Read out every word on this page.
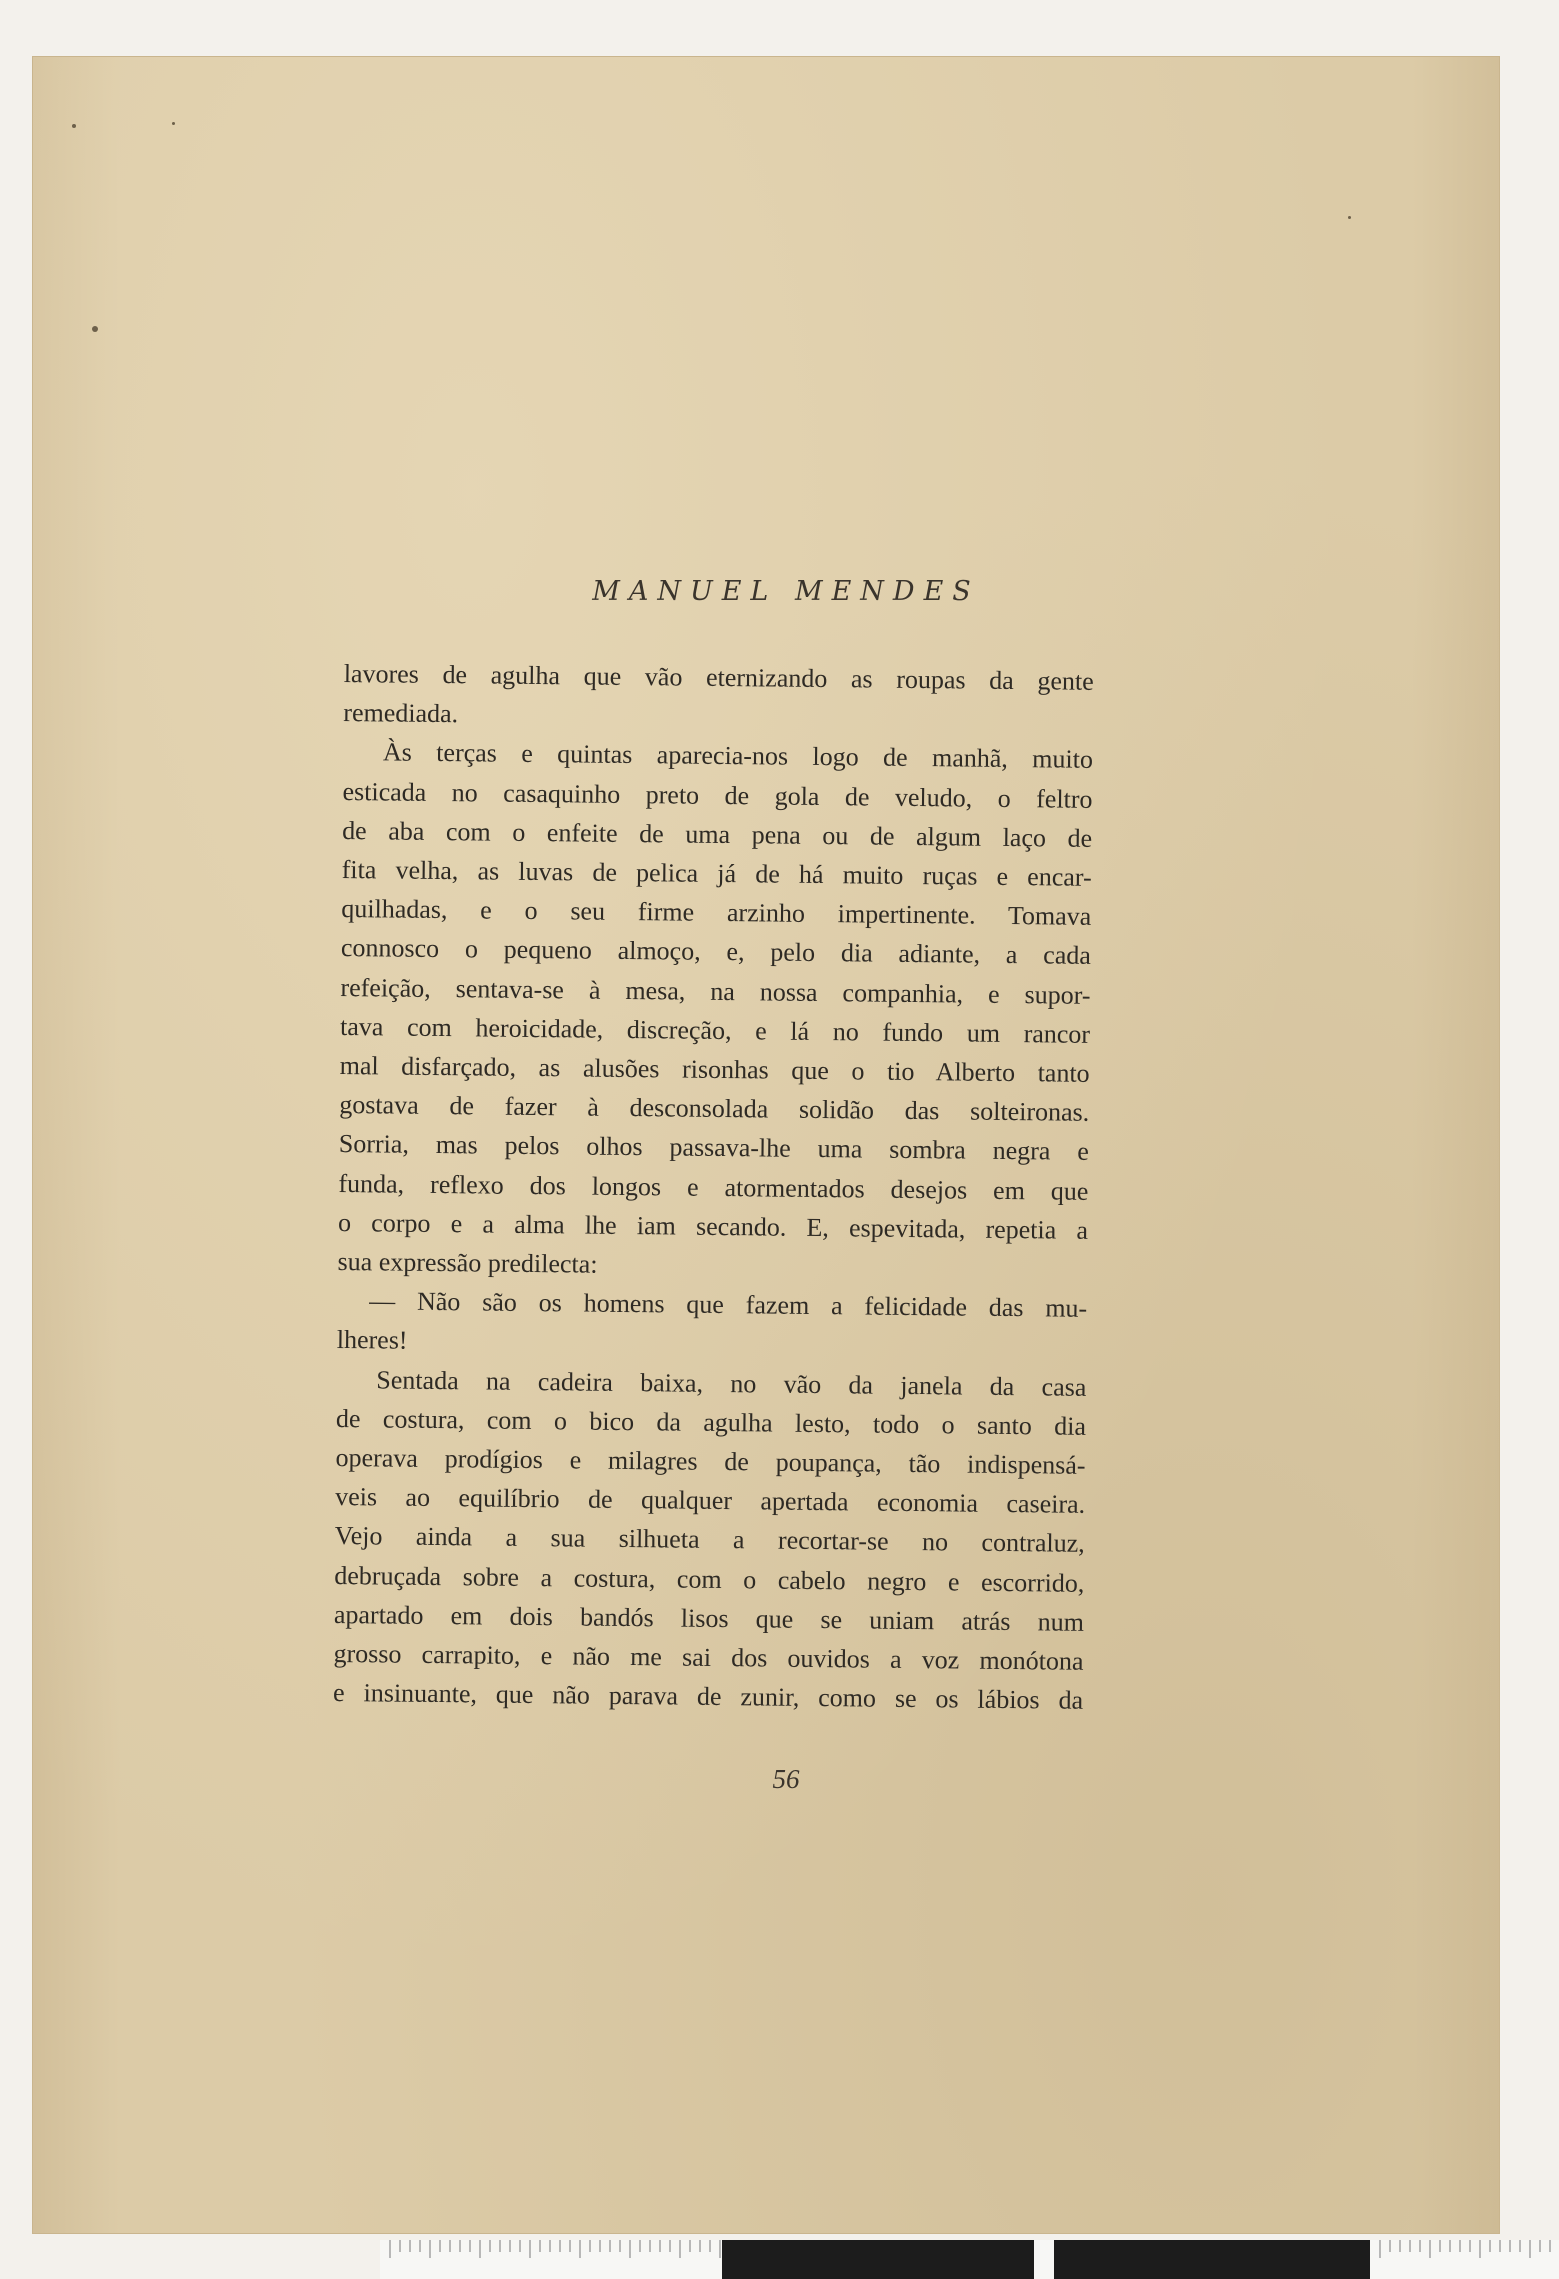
MANUEL MENDES

lavores de agulha que vão eternizando as roupas da gente

remediada.

Às terças e quintas aparecia-nos logo de manhã, muito

esticada no casaquinho preto de gola de veludo, o feltro

de aba com o enfeite de uma pena ou de algum laço de

fita velha, as luvas de pelica já de há muito ruças e encar-

quilhadas, e o seu firme arzinho impertinente. Tomava

connosco o pequeno almoço, e, pelo dia adiante, a cada

refeição, sentava-se à mesa, na nossa companhia, e supor-

tava com heroicidade, discreção, e lá no fundo um rancor

mal disfarçado, as alusões risonhas que o tio Alberto tanto

gostava de fazer à desconsolada solidão das solteironas.

Sorria, mas pelos olhos passava-lhe uma sombra negra e

funda, reflexo dos longos e atormentados desejos em que

o corpo e a alma lhe iam secando. E, espevitada, repetia a

sua expressão predilecta:

— Não são os homens que fazem a felicidade das mu-

lheres!

Sentada na cadeira baixa, no vão da janela da casa

de costura, com o bico da agulha lesto, todo o santo dia

operava prodígios e milagres de poupança, tão indispensá-

veis ao equilíbrio de qualquer apertada economia caseira.

Vejo ainda a sua silhueta a recortar-se no contraluz,

debruçada sobre a costura, com o cabelo negro e escorrido,

apartado em dois bandós lisos que se uniam atrás num

grosso carrapito, e não me sai dos ouvidos a voz monótona

e insinuante, que não parava de zunir, como se os lábios da

56
